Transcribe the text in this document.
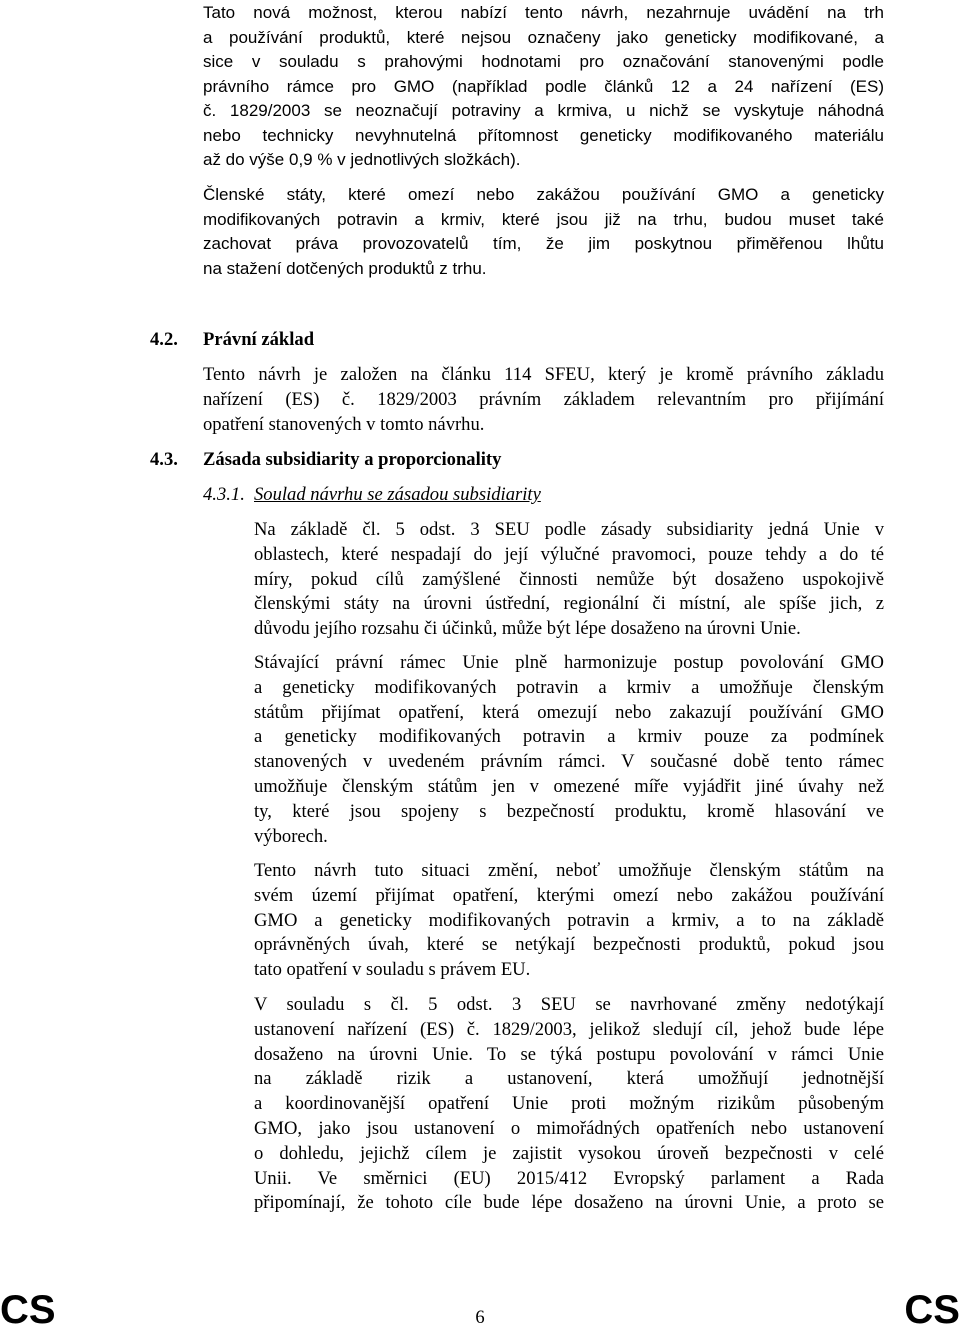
Tato nová možnost, kterou nabízí tento návrh, nezahrnuje uvádění na trh
a používání produktů, které nejsou označeny jako geneticky modifikované, a
sice v souladu s prahovými hodnotami pro označování stanovenými podle
právního rámce pro GMO (například podle článků 12 a 24 nařízení (ES)
č. 1829/2003 se neoznačují potraviny a krmiva, u nichž se vyskytuje náhodná
nebo technicky nevyhnutelná přítomnost geneticky modifikovaného materiálu
až do výše 0,9 % v jednotlivých složkách).
Členské státy, které omezí nebo zakážou používání GMO a geneticky
modifikovaných potravin a krmiv, které jsou již na trhu, budou muset také
zachovat práva provozovatelů tím, že jim poskytnou přiměřenou lhůtu
na stažení dotčených produktů z trhu.
4.2. Právní základ
Tento návrh je založen na článku 114 SFEU, který je kromě právního základu
nařízení (ES) č. 1829/2003 právním základem relevantním pro přijímání
opatření stanovených v tomto návrhu.
4.3. Zásada subsidiarity a proporcionality
4.3.1. Soulad návrhu se zásadou subsidiarity
Na základě čl. 5 odst. 3 SEU podle zásady subsidiarity jedná Unie v
oblastech, které nespadají do její výlučné pravomoci, pouze tehdy a do té
míry, pokud cílů zamýšlené činnosti nemůže být dosaženo uspokojivě
členskými státy na úrovni ústřední, regionální či místní, ale spíše jich, z
důvodu jejího rozsahu či účinků, může být lépe dosaženo na úrovni Unie.
Stávající právní rámec Unie plně harmonizuje postup povolování GMO
a geneticky modifikovaných potravin a krmiv a umožňuje členským
státům přijímat opatření, která omezují nebo zakazují používání GMO
a geneticky modifikovaných potravin a krmiv pouze za podmínek
stanovených v uvedeném právním rámci. V současné době tento rámec
umožňuje členským státům jen v omezené míře vyjádřit jiné úvahy než
ty, které jsou spojeny s bezpečností produktu, kromě hlasování ve
výborech.
Tento návrh tuto situaci změní, neboť umožňuje členským státům na
svém území přijímat opatření, kterými omezí nebo zakážou používání
GMO a geneticky modifikovaných potravin a krmiv, a to na základě
oprávněných úvah, které se netýkají bezpečnosti produktů, pokud jsou
tato opatření v souladu s právem EU.
V souladu s čl. 5 odst. 3 SEU se navrhované změny nedotýkají
ustanovení nařízení (ES) č. 1829/2003, jelikož sledují cíl, jehož bude lépe
dosaženo na úrovni Unie. To se týká postupu povolování v rámci Unie
na základě rizik a ustanovení, která umožňují jednotnější
a koordinovanější opatření Unie proti možným rizikům působeným
GMO, jako jsou ustanovení o mimořádných opatřeních nebo ustanovení
o dohledu, jejichž cílem je zajistit vysokou úroveň bezpečnosti v celé
Unii. Ve směrnici (EU) 2015/412 Evropský parlament a Rada
připomínají, že tohoto cíle bude lépe dosaženo na úrovni Unie, a proto se
CS	6	CS
